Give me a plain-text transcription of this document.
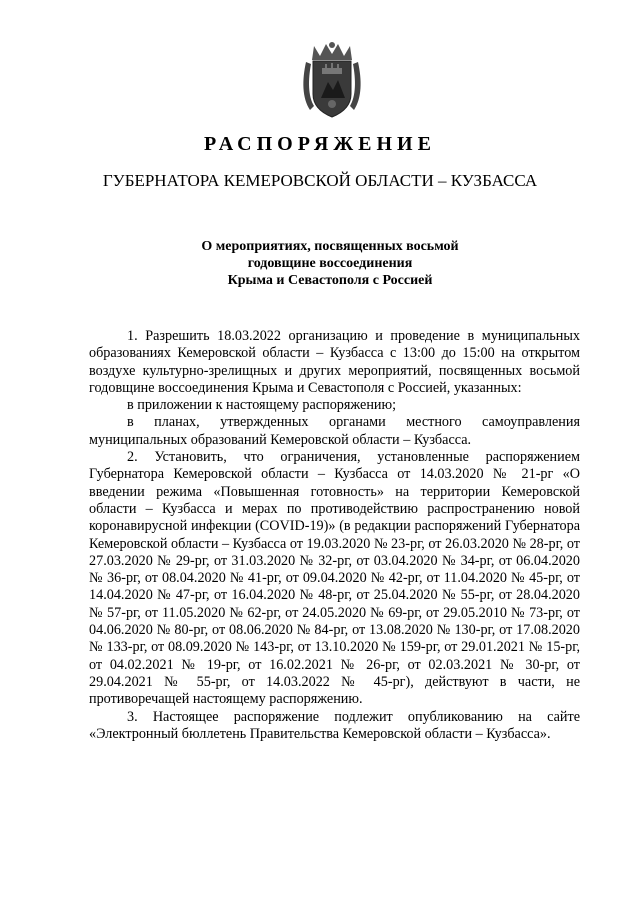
РАСПОРЯЖЕНИЕ
ГУБЕРНАТОРА КЕМЕРОВСКОЙ ОБЛАСТИ – КУЗБАССА
О мероприятиях, посвященных восьмой
годовщине воссоединения
Крыма и Севастополя с Россией

1. Разрешить 18.03.2022 организацию и проведение в муниципальных образованиях Кемеровской области – Кузбасса с 13:00 до 15:00 на открытом воздухе культурно-зрелищных и других мероприятий, посвященных восьмой годовщине воссоединения Крыма и Севастополя с Россией, указанных:

в приложении к настоящему распоряжению;

в планах, утвержденных органами местного самоуправления муниципальных образований Кемеровской области – Кузбасса.

2. Установить, что ограничения, установленные распоряжением Губернатора Кемеровской области – Кузбасса от 14.03.2020 № 21-рг «О введении режима «Повышенная готовность» на территории Кемеровской области – Кузбасса и мерах по противодействию распространению новой коронавирусной инфекции (COVID-19)» (в редакции распоряжений Губернатора Кемеровской области – Кузбасса от 19.03.2020 № 23-рг, от 26.03.2020 № 28-рг, от 27.03.2020 № 29-рг, от 31.03.2020 № 32-рг, от 03.04.2020 № 34-рг, от 06.04.2020 № 36-рг, от 08.04.2020 № 41-рг, от 09.04.2020 № 42-рг, от 11.04.2020 № 45-рг, от 14.04.2020 № 47-рг, от 16.04.2020 № 48-рг, от 25.04.2020 № 55-рг, от 28.04.2020 № 57-рг, от 11.05.2020 № 62-рг, от 24.05.2020 № 69-рг, от 29.05.2010 № 73-рг, от 04.06.2020 № 80-рг, от 08.06.2020 № 84-рг, от 13.08.2020 № 130-рг, от 17.08.2020 № 133-рг, от 08.09.2020 № 143-рг, от 13.10.2020 № 159-рг, от 29.01.2021 № 15-рг, от 04.02.2021 № 19-рг, от 16.02.2021 № 26-рг, от 02.03.2021 № 30-рг, от 29.04.2021 № 55-рг, от 14.03.2022 № 45-рг), действуют в части, не противоречащей настоящему распоряжению.

3. Настоящее распоряжение подлежит опубликованию на сайте «Электронный бюллетень Правительства Кемеровской области – Кузбасса».
